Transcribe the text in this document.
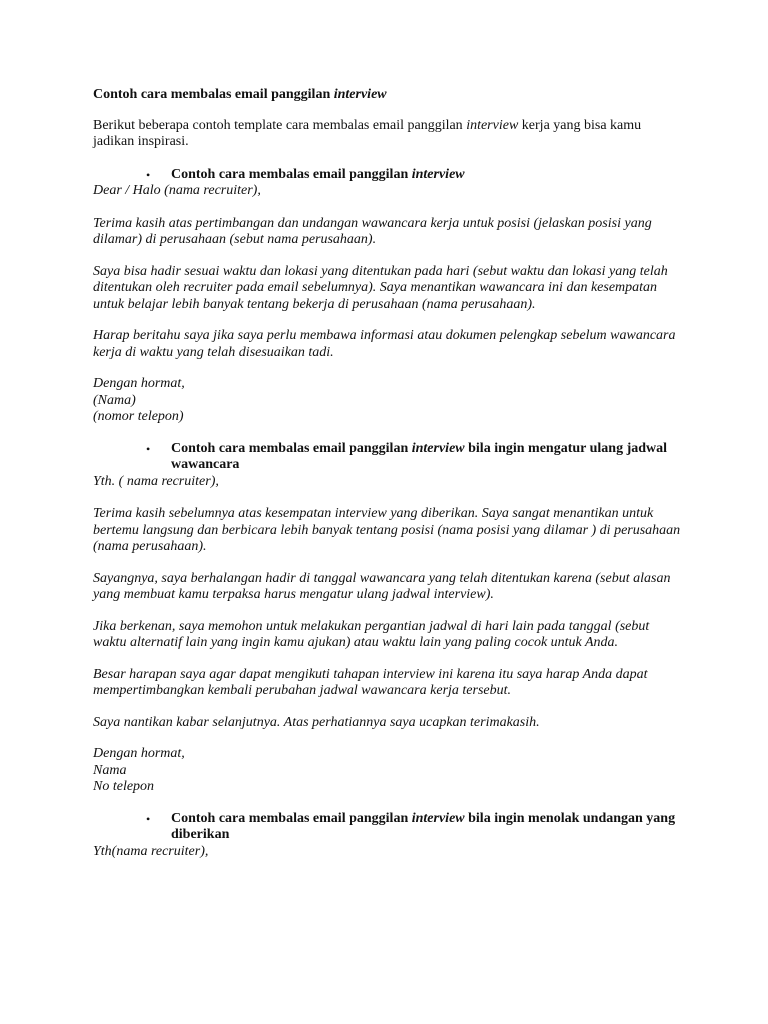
Contoh cara membalas email panggilan interview

Berikut beberapa contoh template cara membalas email panggilan interview kerja yang bisa kamu jadikan inspirasi.

• Contoh cara membalas email panggilan interview

Dear / Halo (nama recruiter),

Terima kasih atas pertimbangan dan undangan wawancara kerja untuk posisi (jelaskan posisi yang dilamar) di perusahaan (sebut nama perusahaan).

Saya bisa hadir sesuai waktu dan lokasi yang ditentukan pada hari (sebut waktu dan lokasi yang telah ditentukan oleh recruiter pada email sebelumnya). Saya menantikan wawancara ini dan kesempatan untuk belajar lebih banyak tentang bekerja di perusahaan (nama perusahaan).

Harap beritahu saya jika saya perlu membawa informasi atau dokumen pelengkap sebelum wawancara kerja di waktu yang telah disesuaikan tadi.

Dengan hormat,

(Nama)

(nomor telepon)

• Contoh cara membalas email panggilan interview bila ingin mengatur ulang jadwal wawancara

Yth. ( nama recruiter),

Terima kasih sebelumnya atas kesempatan interview yang diberikan. Saya sangat menantikan untuk bertemu langsung dan berbicara lebih banyak tentang posisi (nama posisi yang dilamar ) di perusahaan (nama perusahaan).

Sayangnya, saya berhalangan hadir di tanggal wawancara yang telah ditentukan karena (sebut alasan yang membuat kamu terpaksa harus mengatur ulang jadwal interview).

Jika berkenan, saya memohon untuk melakukan pergantian jadwal di hari lain pada tanggal (sebut waktu alternatif lain yang ingin kamu ajukan) atau waktu lain yang paling cocok untuk Anda.

Besar harapan saya agar dapat mengikuti tahapan interview ini karena itu saya harap Anda dapat mempertimbangkan kembali perubahan jadwal wawancara kerja tersebut.

Saya nantikan kabar selanjutnya. Atas perhatiannya saya ucapkan terimakasih.

Dengan hormat,

Nama

No telepon

• Contoh cara membalas email panggilan interview bila ingin menolak undangan yang diberikan

Yth(nama recruiter),
